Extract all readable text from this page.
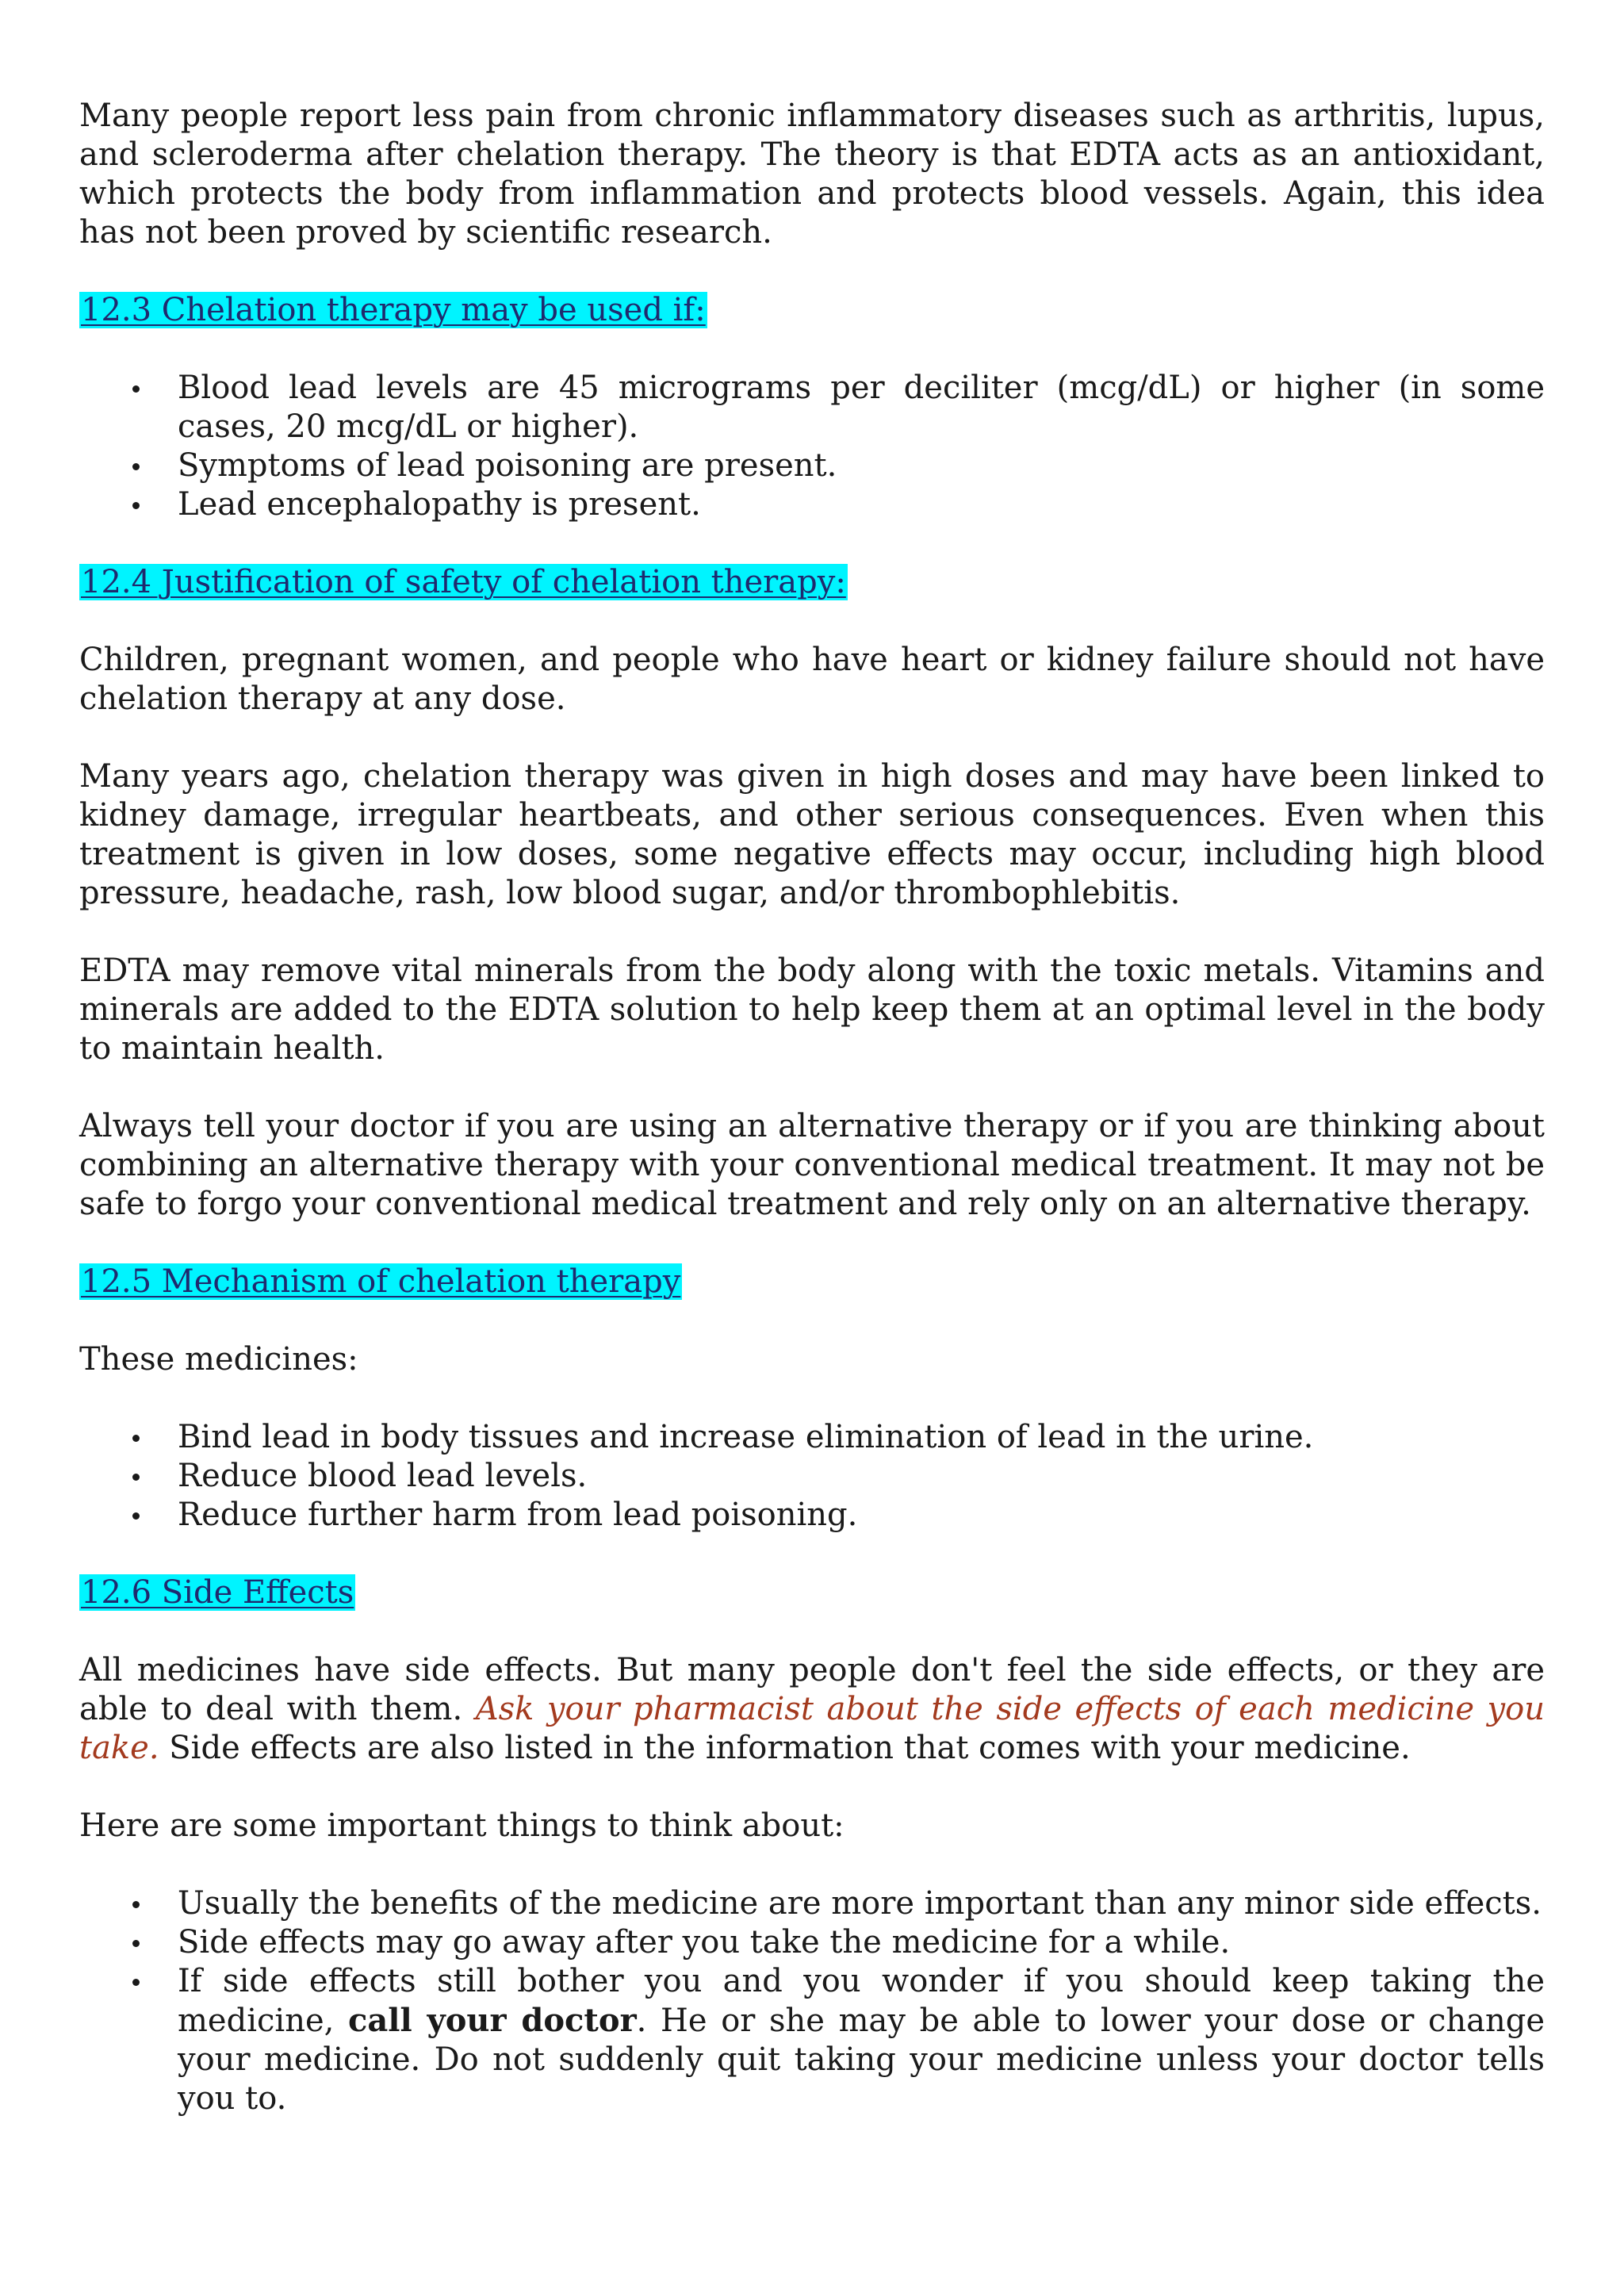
Many people report less pain from chronic inflammatory diseases such as arthritis, lupus, and scleroderma after chelation therapy. The theory is that EDTA acts as an antioxidant, which protects the body from inflammation and protects blood vessels. Again, this idea has not been proved by scientific research.

12.3 Chelation therapy may be used if:
Blood lead levels are 45 micrograms per deciliter (mcg/dL) or higher (in some cases, 20 mcg/dL or higher).
Symptoms of lead poisoning are present.
Lead encephalopathy is present.
12.4 Justification of safety of chelation therapy:

Children, pregnant women, and people who have heart or kidney failure should not have chelation therapy at any dose.

Many years ago, chelation therapy was given in high doses and may have been linked to kidney damage, irregular heartbeats, and other serious consequences. Even when this treatment is given in low doses, some negative effects may occur, including high blood pressure, headache, rash, low blood sugar, and/or thrombophlebitis.

EDTA may remove vital minerals from the body along with the toxic metals. Vitamins and minerals are added to the EDTA solution to help keep them at an optimal level in the body to maintain health.

Always tell your doctor if you are using an alternative therapy or if you are thinking about combining an alternative therapy with your conventional medical treatment. It may not be safe to forgo your conventional medical treatment and rely only on an alternative therapy.

12.5 Mechanism of chelation therapy

These medicines:

Bind lead in body tissues and increase elimination of lead in the urine.
Reduce blood lead levels.
Reduce further harm from lead poisoning.
12.6 Side Effects

All medicines have side effects. But many people don't feel the side effects, or they are able to deal with them. Ask your pharmacist about the side effects of each medicine you take. Side effects are also listed in the information that comes with your medicine.

Here are some important things to think about:

Usually the benefits of the medicine are more important than any minor side effects.
Side effects may go away after you take the medicine for a while.
If side effects still bother you and you wonder if you should keep taking the medicine, call your doctor. He or she may be able to lower your dose or change your medicine. Do not suddenly quit taking your medicine unless your doctor tells you to.
